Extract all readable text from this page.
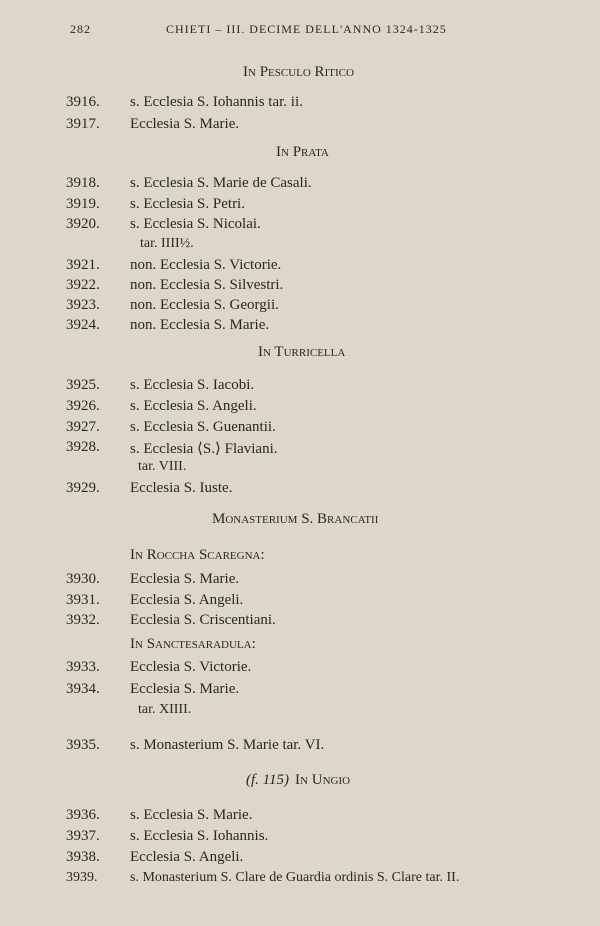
282	CHIETI – III. DECIME DELL'ANNO 1324-1325
In Pesculo Ritico
3916.	s. Ecclesia S. Iohannis tar. ii.
3917.	Ecclesia S. Marie.
In Prata
3918.	s. Ecclesia S. Marie de Casali.
3919.	s. Ecclesia S. Petri.
3920.	s. Ecclesia S. Nicolai.
tar. IIII½.
3921.	non. Ecclesia S. Victorie.
3922.	non. Ecclesia S. Silvestri.
3923.	non. Ecclesia S. Georgii.
3924.	non. Ecclesia S. Marie.
In Turricella
3925.	s. Ecclesia S. Iacobi.
3926.	s. Ecclesia S. Angeli.
3927.	s. Ecclesia S. Guenantii.
3928.	s. Ecclesia ⟨S.⟩ Flaviani.
tar. VIII.
3929.	Ecclesia S. Iuste.
Monasterium S. Brancatii
In Roccha Scaregna:
3930.	Ecclesia S. Marie.
3931.	Ecclesia S. Angeli.
3932.	Ecclesia S. Criscentiani.
In Sanctesaradula:
3933.	Ecclesia S. Victorie.
3934.	Ecclesia S. Marie.
tar. XIIII.
3935.	s. Monasterium S. Marie tar. VI.
(f. 115) In Ungio
3936.	s. Ecclesia S. Marie.
3937.	s. Ecclesia S. Iohannis.
3938.	Ecclesia S. Angeli.
3939.	s. Monasterium S. Clare de Guardia ordinis S. Clare tar. II.
